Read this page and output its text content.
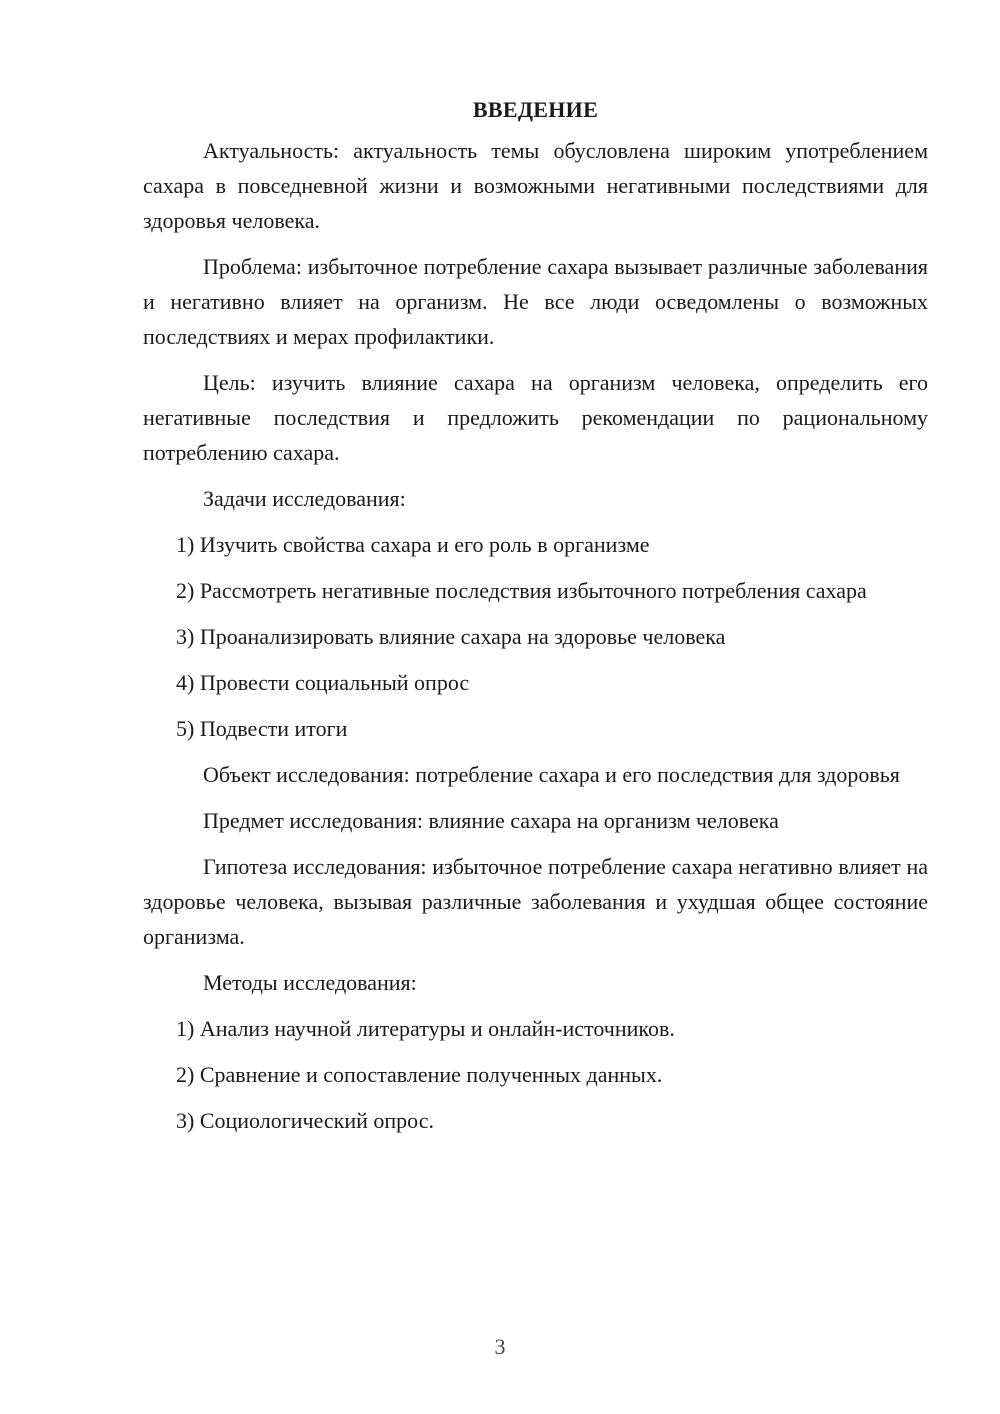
ВВЕДЕНИЕ

Актуальность: актуальность темы обусловлена широким употреблением сахара в повседневной жизни и возможными негативными последствиями для здоровья человека.

Проблема: избыточное потребление сахара вызывает различные заболевания и негативно влияет на организм. Не все люди осведомлены о возможных последствиях и мерах профилактики.

Цель: изучить влияние сахара на организм человека, определить его негативные последствия и предложить рекомендации по рациональному потреблению сахара.

Задачи исследования:

1) Изучить свойства сахара и его роль в организме

2) Рассмотреть негативные последствия избыточного потребления сахара

3) Проанализировать влияние сахара на здоровье человека

4) Провести социальный опрос

5) Подвести итоги

Объект исследования: потребление сахара и его последствия для здоровья

Предмет исследования: влияние сахара на организм человека

Гипотеза исследования: избыточное потребление сахара негативно влияет на здоровье человека, вызывая различные заболевания и ухудшая общее состояние организма.

Методы исследования:

1) Анализ научной литературы и онлайн-источников.

2) Сравнение и сопоставление полученных данных.

3) Социологический опрос.

3
